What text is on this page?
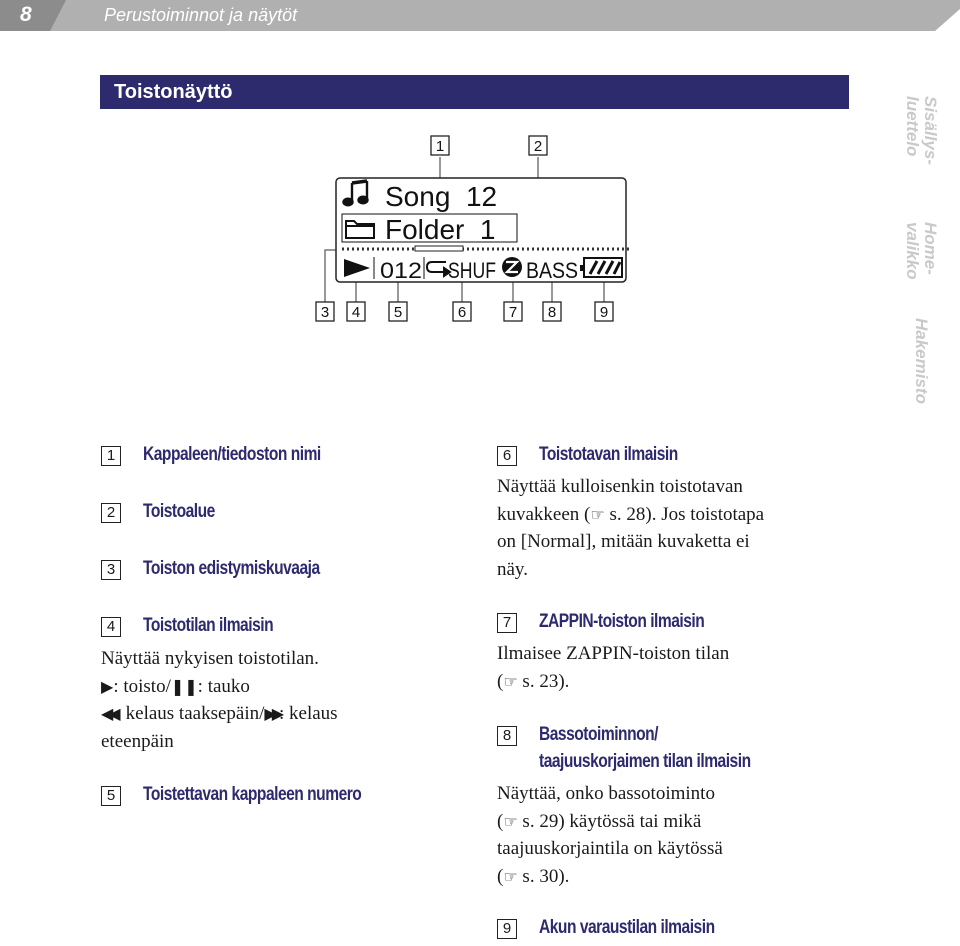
8	Perustoiminnot ja näytöt
Sisällys-
luettelo
Home-
valikko
Hakemisto
Toistonäyttö
Song  12
Folder  1
012 SHUF BASS
1	2
3 4 5	6	7 8	9
1	Kappaleen/tiedoston nimi
2	Toistoalue
3	Toiston edistymiskuvaaja
4	Toistotilan ilmaisin
Näyttää nykyisen toistotilan.
▶: toisto/❚❚: tauko
◀◀: kelaus taaksepäin/▶▶: kelaus
eteenpäin
5	Toistettavan kappaleen numero
6	Toistotavan ilmaisin
Näyttää kulloisenkin toistotavan
kuvakkeen (☞ s. 28). Jos toistotapa
on [Normal], mitään kuvaketta ei
näy.
7	ZAPPIN-toiston ilmaisin
Ilmaisee ZAPPIN-toiston tilan
(☞ s. 23).
8	Bassotoiminnon/
taajuuskorjaimen tilan ilmaisin
Näyttää, onko bassotoiminto
(☞ s. 29) käytössä tai mikä
taajuuskorjaintila on käytössä
(☞ s. 30).
9	Akun varaustilan ilmaisin
